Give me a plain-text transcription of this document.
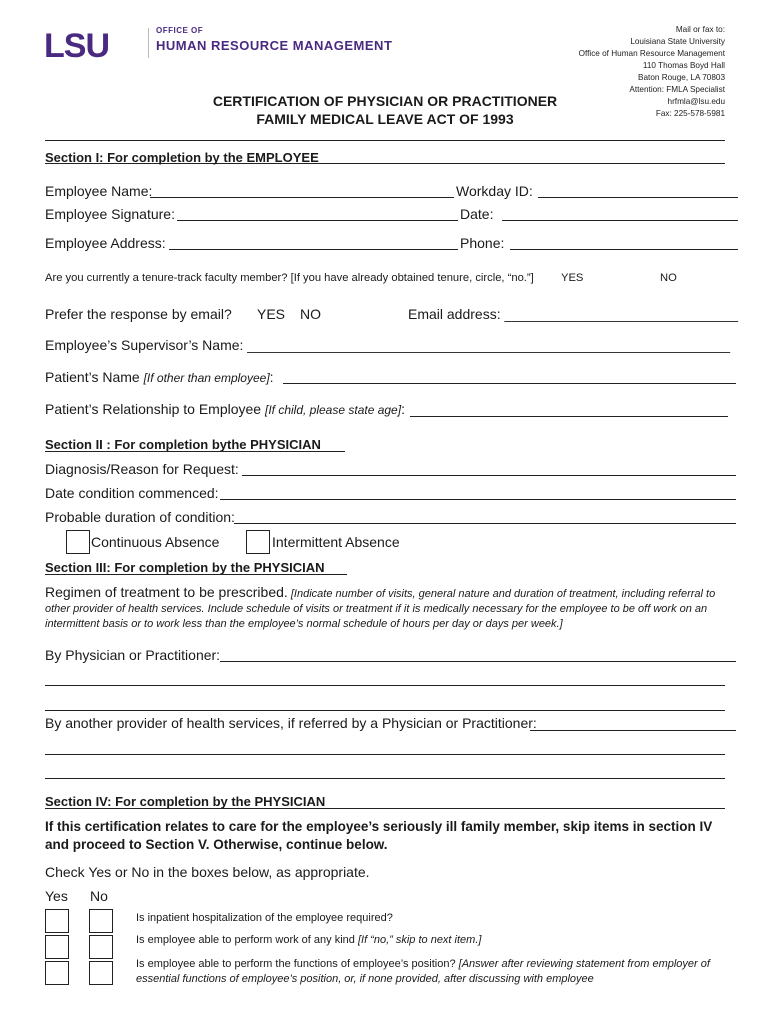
LSU	OFFICE OF
HUMAN RESOURCE MANAGEMENT
Mail or fax to:
Louisiana State University
Office of Human Resource Management
110 Thomas Boyd Hall
Baton Rouge, LA 70803
Attention: FMLA Specialist
hrfmla@lsu.edu
Fax: 225-578-5981
CERTIFICATION OF PHYSICIAN OR PRACTITIONER
FAMILY MEDICAL LEAVE ACT OF 1993
Section I: For completion by the EMPLOYEE
Employee Name:	Workday ID:
Employee Signature:	Date:
Employee Address:	Phone:
Are you currently a tenure-track faculty member? [If you have already obtained tenure, circle, “no.”] YES	NO
Prefer the response by email? YES NO	Email address: ______________________________
Employee’s Supervisor’s Name: ______________________________________________________________
Patient’s Name [If other than employee]:
Patient’s Relationship to Employee [If child, please state age]:
Section II : For completion bythe PHYSICIAN
Diagnosis/Reason for Request:
Date condition commenced:
Probable duration of condition:
Continuous Absence	Intermittent Absence
Section III: For completion by the PHYSICIAN
Regimen of treatment to be prescribed. [Indicate number of visits, general nature and duration of treatment, including referral to other provider of health services. Include schedule of visits or treatment if it is medically necessary for the employee to be off work on an intermittent basis or to work less than the employee’s normal schedule of hours per day or days per week.]
By Physician or Practitioner:
By another provider of health services, if referred by a Physician or Practitioner:
Section IV: For completion by the PHYSICIAN
If this certification relates to care for the employee’s seriously ill family member, skip items in section IV and proceed to Section V. Otherwise, continue below.
Check Yes or No in the boxes below, as appropriate.
Yes No
Is inpatient hospitalization of the employee required?
Is employee able to perform work of any kind [If “no,” skip to next item.]
Is employee able to perform the functions of employee’s position? [Answer after reviewing statement from employer of essential functions of employee’s position, or, if none provided, after discussing with employee
